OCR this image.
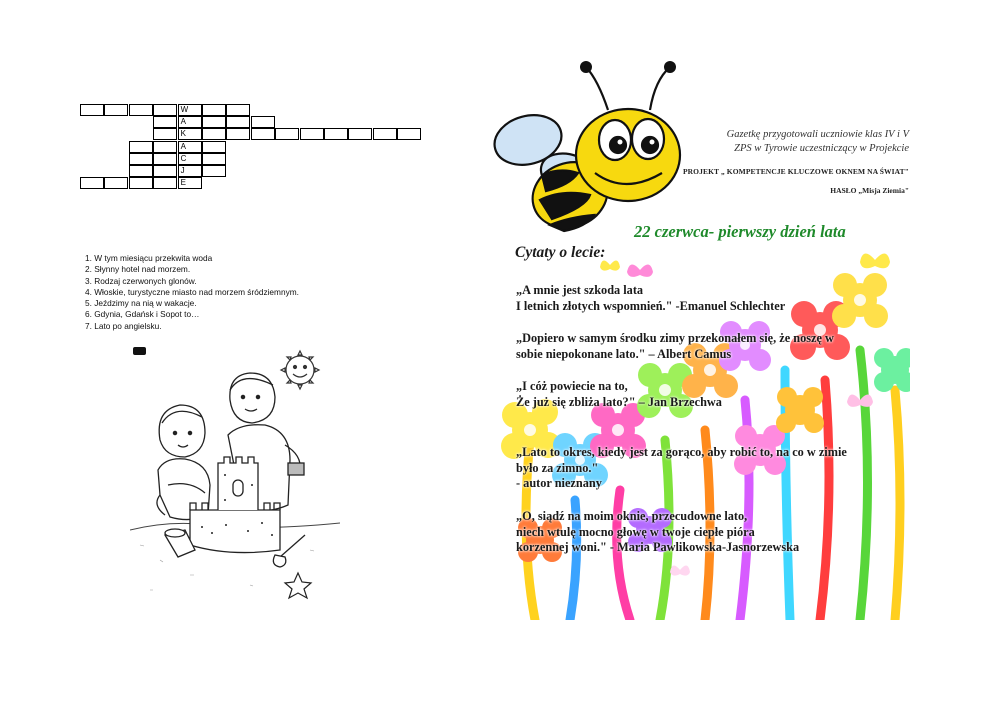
W
A
K
A
C
J
E
1. W tym miesiącu przekwita woda
2. Słynny hotel nad morzem.
3. Rodzaj czerwonych glonów.
4. Włoskie, turystyczne miasto nad morzem śródziemnym.
5. Jeździmy na nią w wakacje.
6. Gdynia, Gdańsk i Sopot to…
7. Lato po angielsku.
Gazetkę przygotowali uczniowie klas IV i V
ZPS w Tyrowie uczestniczący w Projekcie
PROJEKT „ KOMPETENCJE KLUCZOWE OKNEM NA ŚWIAT"
HASŁO „Misja Ziemia"
22 czerwca- pierwszy dzień lata
Cytaty o lecie:
„A mnie jest szkoda lata
I letnich złotych wspomnień." -Emanuel Schlechter
„Dopiero w samym środku zimy przekonałem się, że noszę w
sobie niepokonane lato." – Albert Camus
„I cóż powiecie na to,
Że już się zbliża lato?" – Jan Brzechwa
„Lato to okres, kiedy jest za gorąco, aby robić to, na co w zimie
było za zimno."
- autor nieznany
„O, siądź na moim oknie, przecudowne lato,
niech wtulę mocno głowę w twoje ciepłe pióra
korzennej woni." - Maria Pawlikowska-Jasnorzewska
